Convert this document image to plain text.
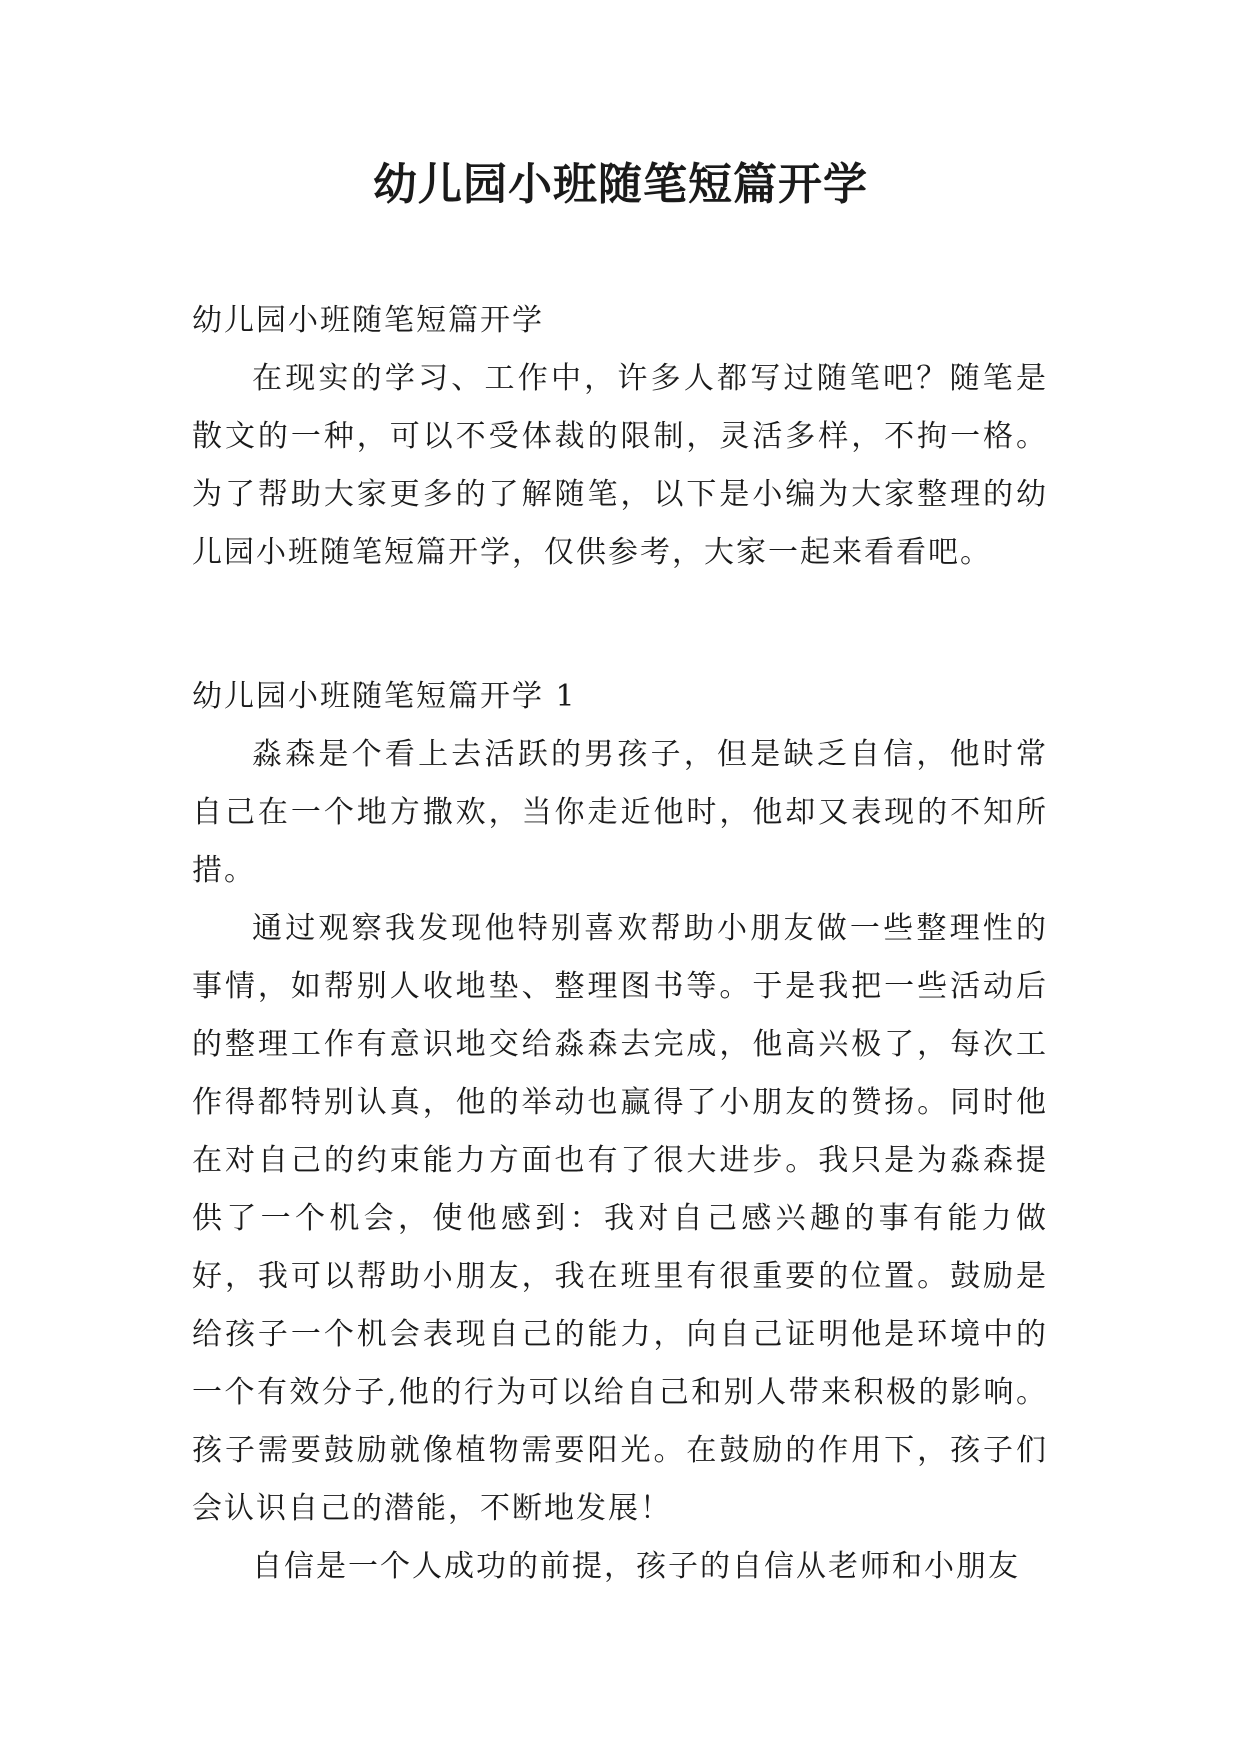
幼儿园小班随笔短篇开学
幼儿园小班随笔短篇开学

在现实的学习、工作中，许多人都写过随笔吧？随笔是散文的一种，可以不受体裁的限制，灵活多样，不拘一格。为了帮助大家更多的了解随笔，以下是小编为大家整理的幼儿园小班随笔短篇开学，仅供参考，大家一起来看看吧。

幼儿园小班随笔短篇开学 1

淼森是个看上去活跃的男孩子，但是缺乏自信，他时常自己在一个地方撒欢，当你走近他时，他却又表现的不知所措。

通过观察我发现他特别喜欢帮助小朋友做一些整理性的事情，如帮别人收地垫、整理图书等。于是我把一些活动后的整理工作有意识地交给淼森去完成，他高兴极了，每次工作得都特别认真，他的举动也赢得了小朋友的赞扬。同时他在对自己的约束能力方面也有了很大进步。我只是为淼森提供了一个机会，使他感到：我对自己感兴趣的事有能力做好，我可以帮助小朋友，我在班里有很重要的位置。鼓励是给孩子一个机会表现自己的能力，向自己证明他是环境中的一个有效分子,他的行为可以给自己和别人带来积极的影响。孩子需要鼓励就像植物需要阳光。在鼓励的作用下，孩子们会认识自己的潜能，不断地发展！

自信是一个人成功的前提，孩子的自信从老师和小朋友
